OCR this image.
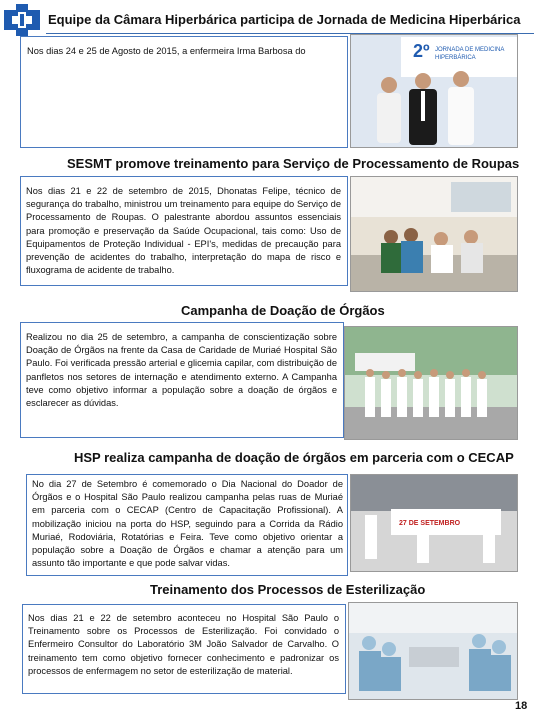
Equipe da Câmara Hiperbárica participa de Jornada de Medicina Hiperbárica
Nos dias 24 e 25 de Agosto de 2015, a enfermeira Irma Barbosa do	2º JORNADA DE MEDICINA
HIPERBÁRICA
SESMT promove treinamento para Serviço de Processamento de Roupas
Nos dias 21 e 22 de setembro de 2015, Dhonatas Felipe, técnico de segurança do trabalho, ministrou um treinamento para equipe do Serviço de Processamento de Roupas. O palestrante abordou assuntos essenciais para promoção e preservação da Saúde Ocupacional, tais como: Uso de Equipamentos de Proteção Individual - EPI's, medidas de precaução para prevenção de acidentes do trabalho, interpretação do mapa de risco e fluxograma de acidente de trabalho.
Campanha de Doação de Órgãos
Realizou no dia 25 de setembro, a campanha de conscientização sobre Doação de Órgãos na frente da Casa de Caridade de Muriaé Hospital São Paulo. Foi verificada pressão arterial e glicemia capilar, com distribuição de panfletos nos setores de internação e atendimento externo. A Campanha teve como objetivo informar a população sobre a doação de órgãos e esclarecer as dúvidas.
HSP realiza campanha de doação de órgãos em parceria com o CECAP
No dia 27 de Setembro é comemorado o Dia Nacional do Doador de Órgãos e o Hospital São Paulo realizou campanha pelas ruas de Muriaé em parceria com o CECAP (Centro de Capacitação Profissional). A mobilização iniciou na porta do HSP, seguindo para a Corrida da Rádio Muriaé, Rodoviária, Rotatórias e Feira. Teve como objetivo orientar a população sobre a Doação de Órgãos e chamar a atenção para um assunto tão importante e que pode salvar vidas.
27 DE SETEMBRO
Treinamento dos Processos de Esterilização
Nos dias 21 e 22 de setembro aconteceu no Hospital São Paulo o Treinamento sobre os Processos de Esterilização. Foi convidado o Enfermeiro Consultor do Laboratório 3M João Salvador de Carvalho. O treinamento tem como objetivo fornecer conhecimento e padronizar os processos de enfermagem no setor de esterilização de material.
18
